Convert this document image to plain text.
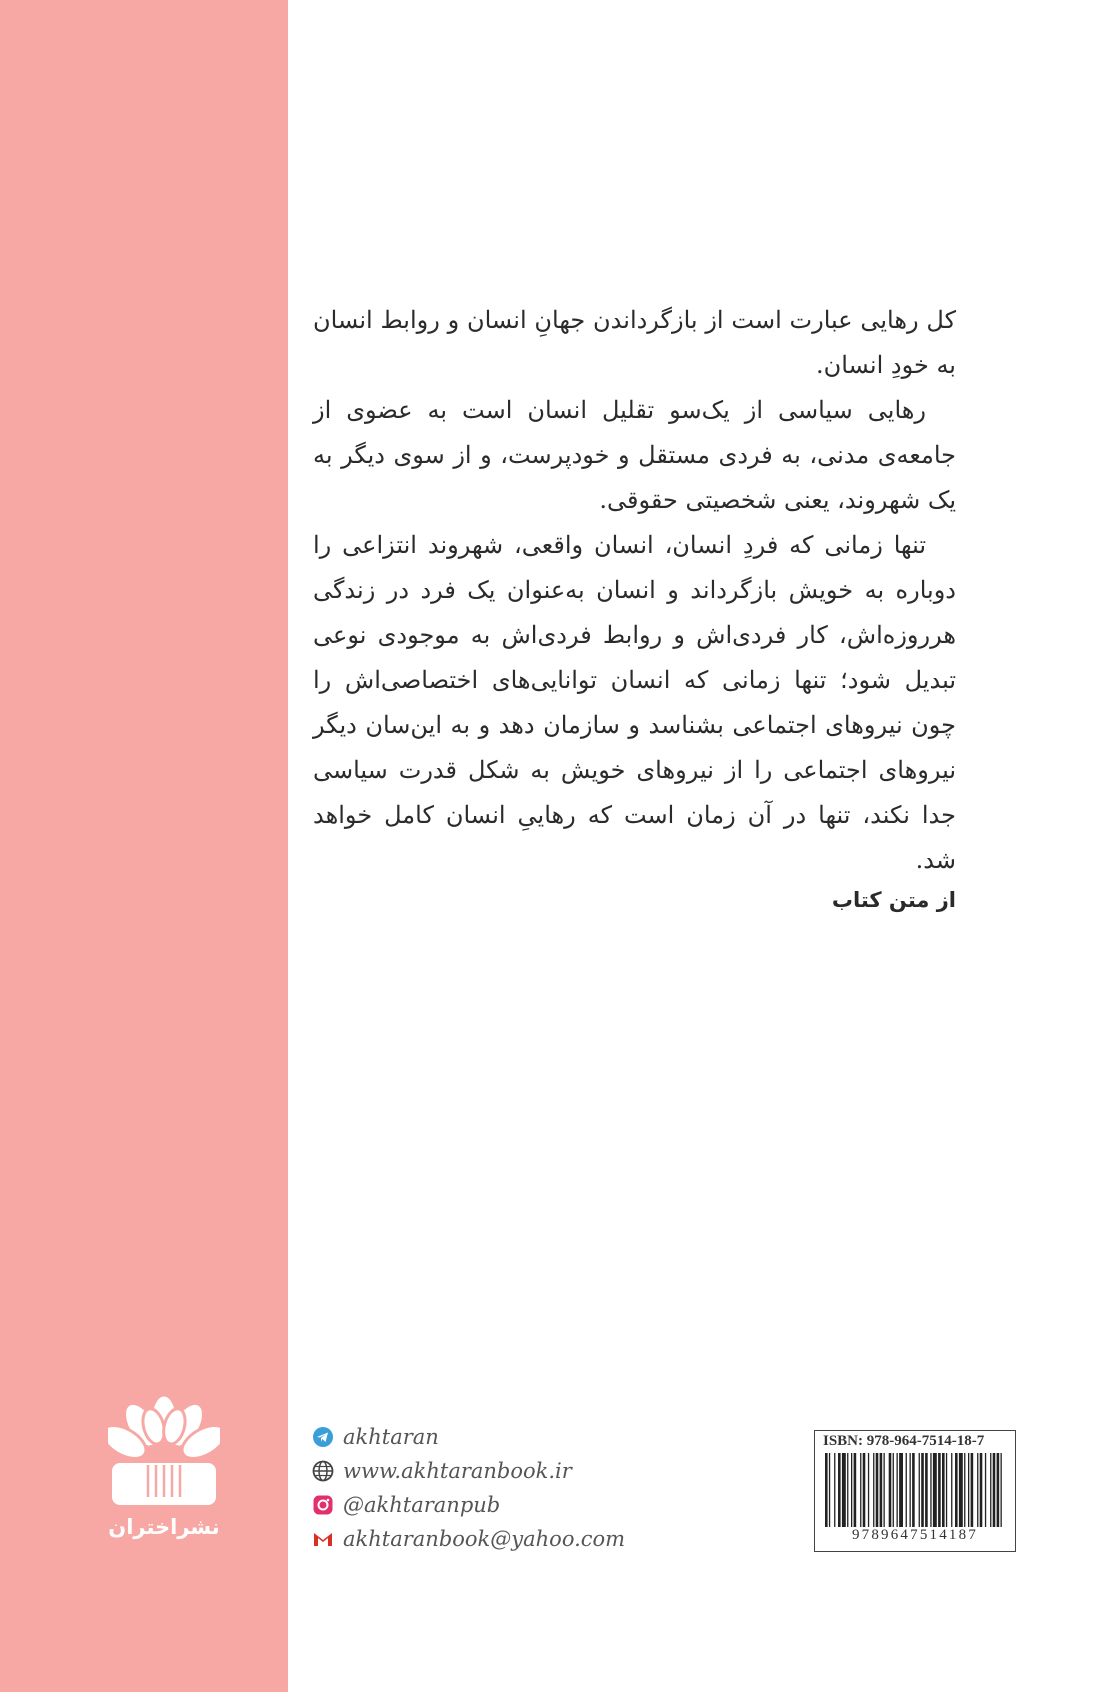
نشراختران

کل رهایی عبارت است از بازگرداندن جهانِ انسان و روابط انسان به خودِ انسان.

رهایی سیاسی از یک‌سو تقلیل انسان است به عضوی از جامعه‌ی مدنی، به فردی مستقل و خودپرست، و از سوی دیگر به یک شهروند، یعنی شخصیتی حقوقی.

تنها زمانی که فردِ انسان، انسان واقعی، شهروند انتزاعی را دوباره به خویش بازگرداند و انسان به‌عنوان یک فرد در زندگی هرروزه‌اش، کار فردی‌اش و روابط فردی‌اش به موجودی نوعی تبدیل شود؛ تنها زمانی که انسان توانایی‌های اختصاصی‌اش را چون نیروهای اجتماعی بشناسد و سازمان دهد و به این‌سان دیگر نیروهای اجتماعی را از نیروهای خویش به شکل قدرت سیاسی جدا نکند، تنها در آن زمان است که رهاییِ انسان کامل خواهد شد.

از متن کتاب
akhtaran
www.akhtaranbook.ir
@akhtaranpub
akhtaranbook@yahoo.com
ISBN: 978-964-7514-18-7
9789647514187
